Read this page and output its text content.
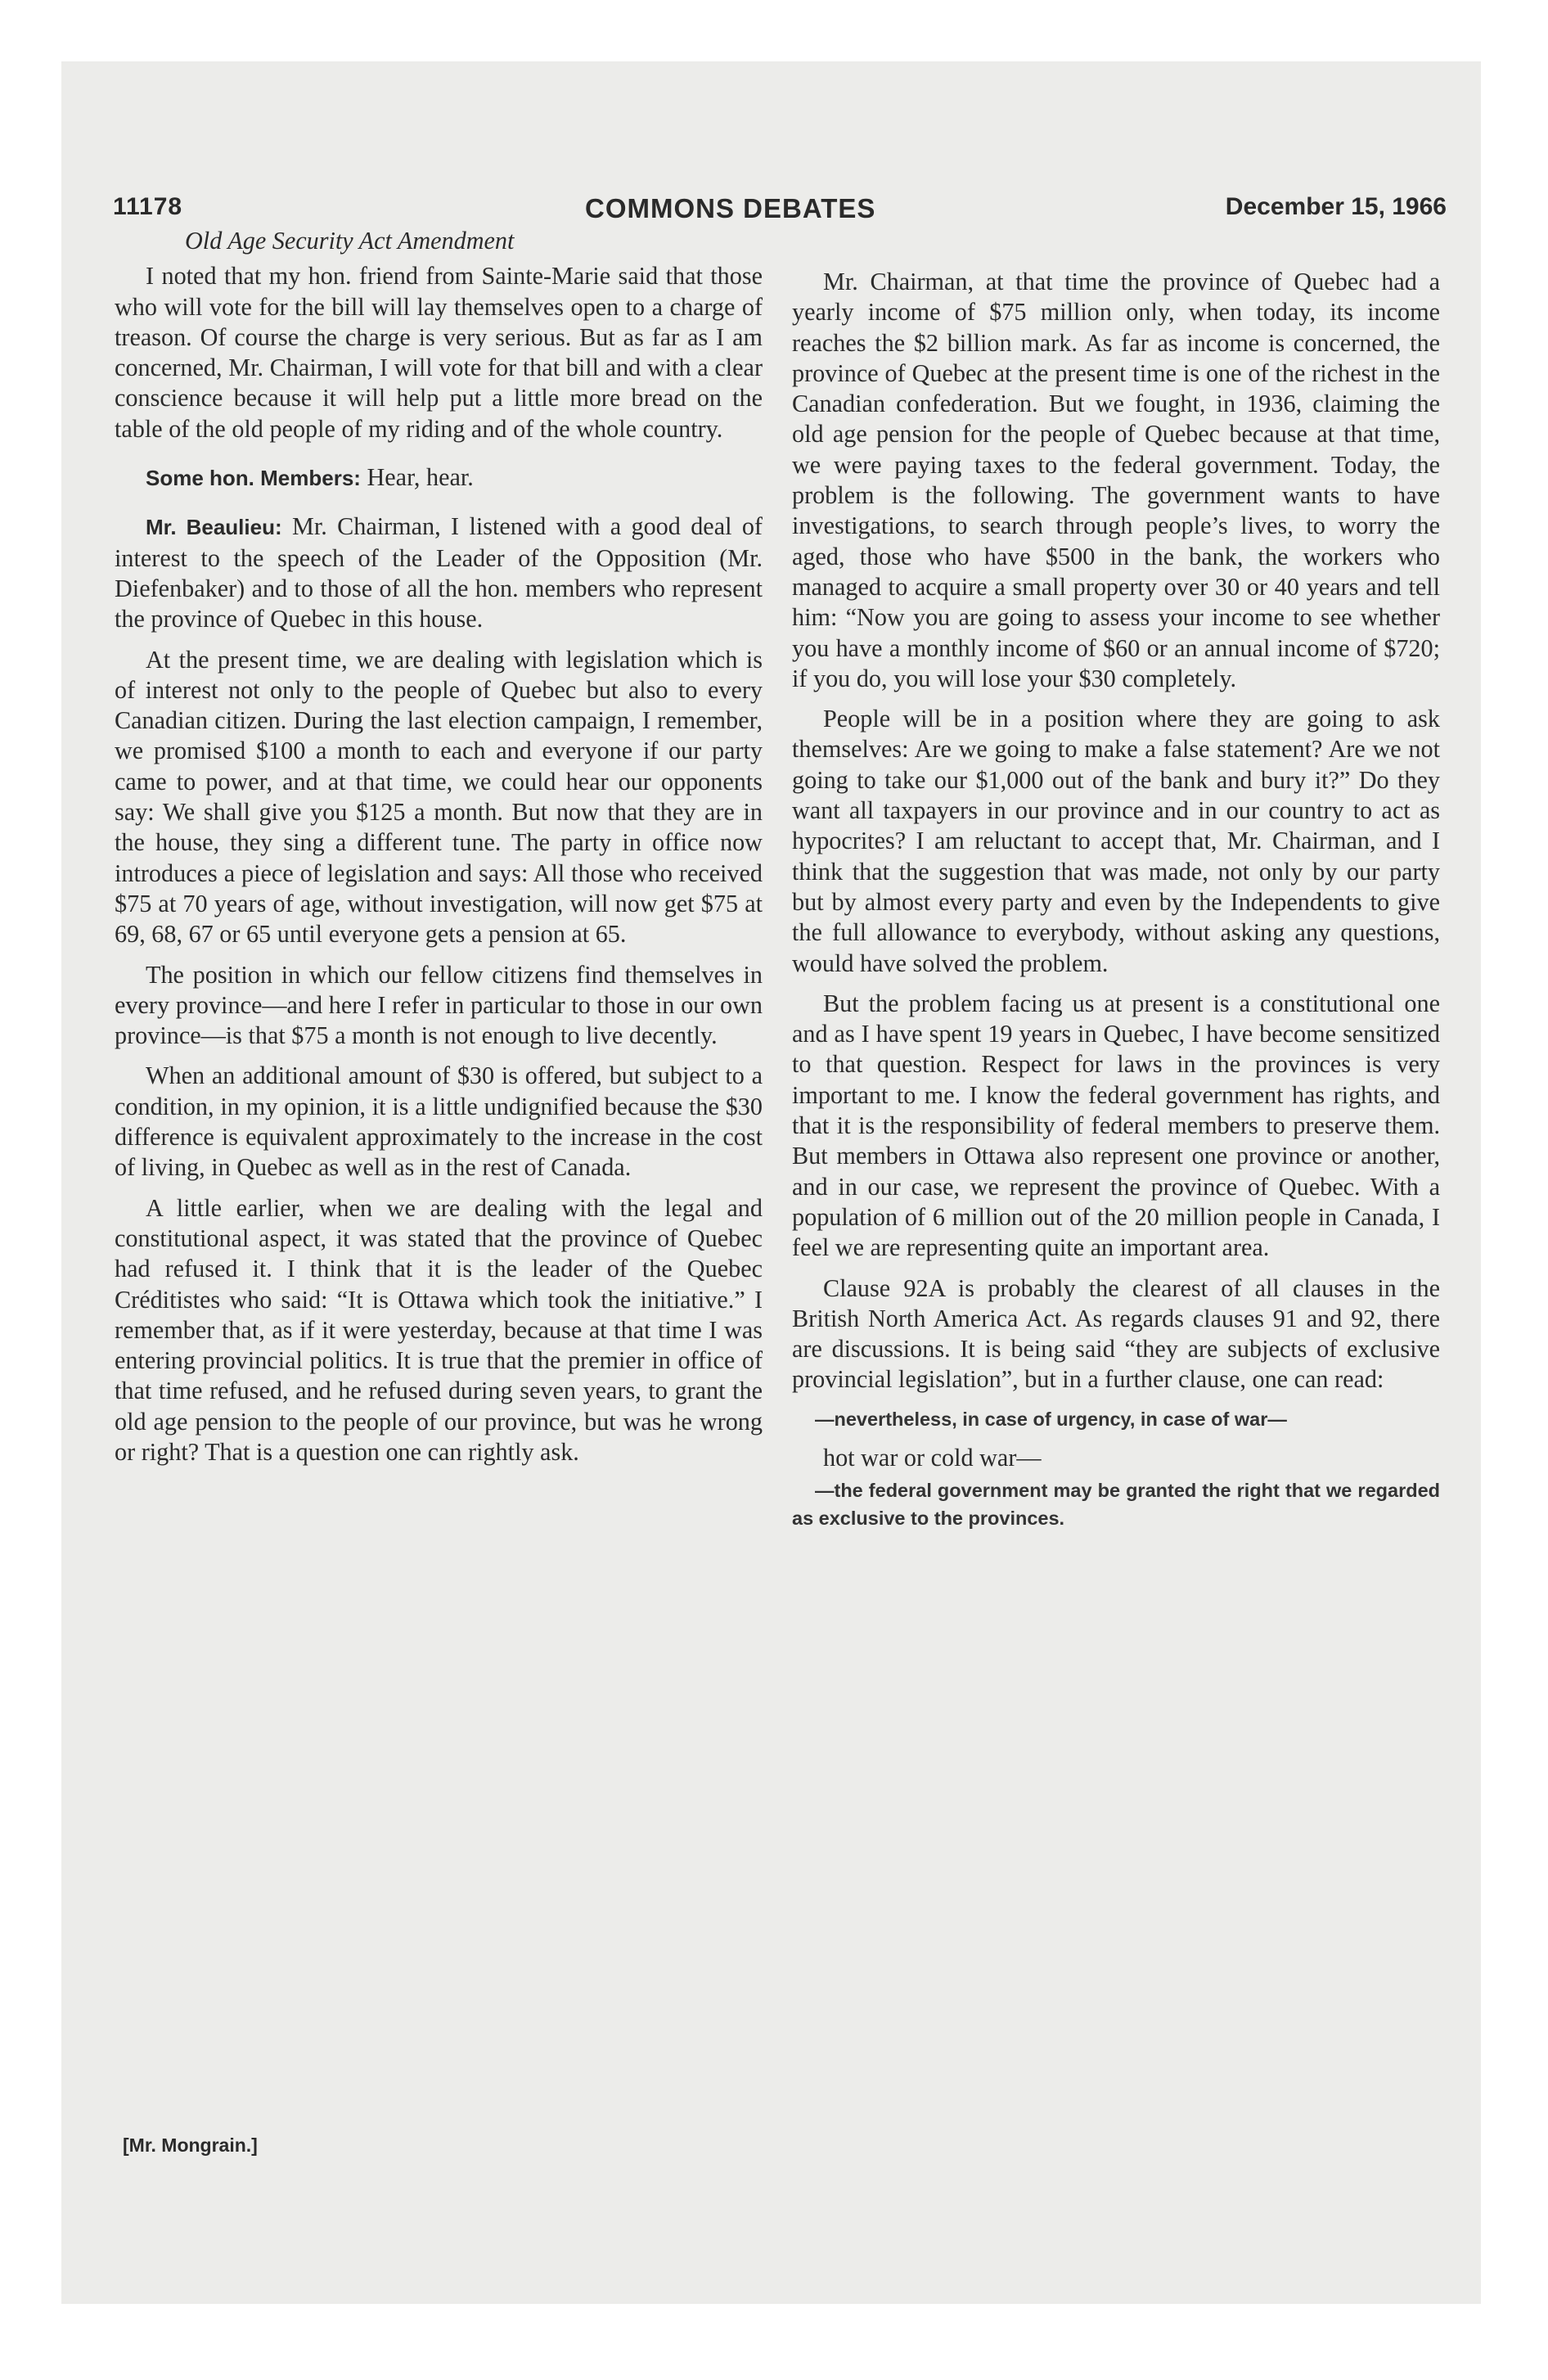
11178	COMMONS DEBATES	December 15, 1966

Old Age Security Act Amendment

I noted that my hon. friend from Sainte-Marie said that those who will vote for the bill will lay themselves open to a charge of treason. Of course the charge is very serious. But as far as I am concerned, Mr. Chairman, I will vote for that bill and with a clear conscience because it will help put a little more bread on the table of the old people of my riding and of the whole country.

Some hon. Members: Hear, hear.

Mr. Beaulieu: Mr. Chairman, I listened with a good deal of interest to the speech of the Leader of the Opposition (Mr. Diefenbaker) and to those of all the hon. members who represent the province of Quebec in this house.

At the present time, we are dealing with legislation which is of interest not only to the people of Quebec but also to every Canadian citizen. During the last election campaign, I remember, we promised $100 a month to each and everyone if our party came to power, and at that time, we could hear our opponents say: We shall give you $125 a month. But now that they are in the house, they sing a different tune. The party in office now introduces a piece of legislation and says: All those who received $75 at 70 years of age, without investigation, will now get $75 at 69, 68, 67 or 65 until everyone gets a pension at 65.

The position in which our fellow citizens find themselves in every province—and here I refer in particular to those in our own province—is that $75 a month is not enough to live decently.

When an additional amount of $30 is offered, but subject to a condition, in my opinion, it is a little undignified because the $30 difference is equivalent approximately to the increase in the cost of living, in Quebec as well as in the rest of Canada.

A little earlier, when we are dealing with the legal and constitutional aspect, it was stated that the province of Quebec had refused it. I think that it is the leader of the Quebec Créditistes who said: “It is Ottawa which took the initiative.” I remember that, as if it were yesterday, because at that time I was entering provincial politics. It is true that the premier in office of that time refused, and he refused during seven years, to grant the old age pension to the people of our province, but was he wrong or right? That is a question one can rightly ask.

[Mr. Mongrain.]

Mr. Chairman, at that time the province of Quebec had a yearly income of $75 million only, when today, its income reaches the $2 billion mark. As far as income is concerned, the province of Quebec at the present time is one of the richest in the Canadian confederation. But we fought, in 1936, claiming the old age pension for the people of Quebec because at that time, we were paying taxes to the federal government. Today, the problem is the following. The government wants to have investigations, to search through people’s lives, to worry the aged, those who have $500 in the bank, the workers who managed to acquire a small property over 30 or 40 years and tell him: “Now you are going to assess your income to see whether you have a monthly income of $60 or an annual income of $720; if you do, you will lose your $30 completely.

People will be in a position where they are going to ask themselves: Are we going to make a false statement? Are we not going to take our $1,000 out of the bank and bury it?” Do they want all taxpayers in our province and in our country to act as hypocrites? I am reluctant to accept that, Mr. Chairman, and I think that the suggestion that was made, not only by our party but by almost every party and even by the Independents to give the full allowance to everybody, without asking any questions, would have solved the problem.

But the problem facing us at present is a constitutional one and as I have spent 19 years in Quebec, I have become sensitized to that question. Respect for laws in the provinces is very important to me. I know the federal government has rights, and that it is the responsibility of federal members to preserve them. But members in Ottawa also represent one province or another, and in our case, we represent the province of Quebec. With a population of 6 million out of the 20 million people in Canada, I feel we are representing quite an important area.

Clause 92A is probably the clearest of all clauses in the British North America Act. As regards clauses 91 and 92, there are discussions. It is being said “they are subjects of exclusive provincial legislation”, but in a further clause, one can read:

—nevertheless, in case of urgency, in case of war—

hot war or cold war—

—the federal government may be granted the right that we regarded as exclusive to the provinces.
